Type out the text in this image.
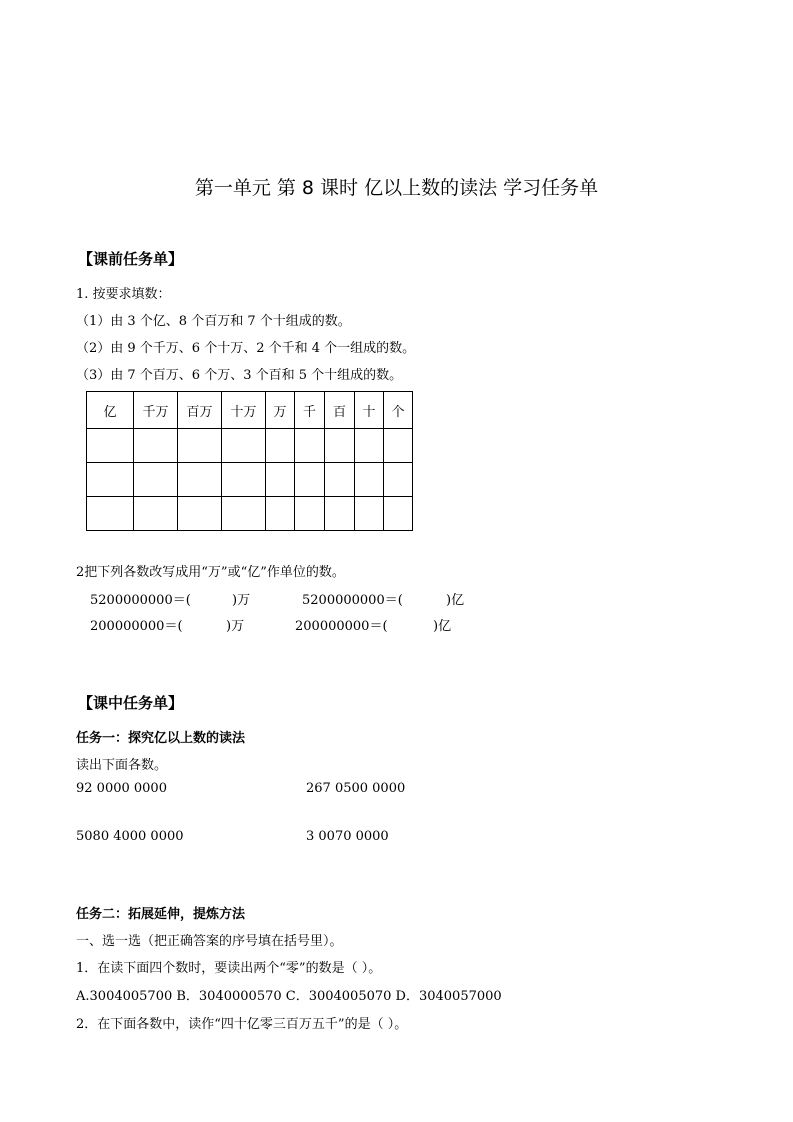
第一单元 第 8 课时 亿以上数的读法 学习任务单
【课前任务单】
1. 按要求填数：
（1）由 3 个亿、8 个百万和 7 个十组成的数。
（2）由 9 个千万、6 个十万、2 个千和 4 个一组成的数。
（3）由 7 个百万、6 个万、3 个百和 5 个十组成的数。
亿	千万	百万	十万	万	千	百	十	个

2把下列各数改写成用“万”或“亿”作单位的数。
5200000000＝(	)万	5200000000＝(	)亿
200000000＝(	)万	200000000＝(	)亿
【课中任务单】
任务一：探究亿以上数的读法
读出下面各数。
92 0000 0000	267 0500 0000
5080 4000 0000	3 0070 0000
任务二：拓展延伸，提炼方法
一、选一选（把正确答案的序号填在括号里）。
1．在读下面四个数时，要读出两个“零”的数是（ ）。
A.3004005700 B．3040000570 C．3004005070 D．3040057000
2．在下面各数中，读作“四十亿零三百万五千”的是（ ）。
